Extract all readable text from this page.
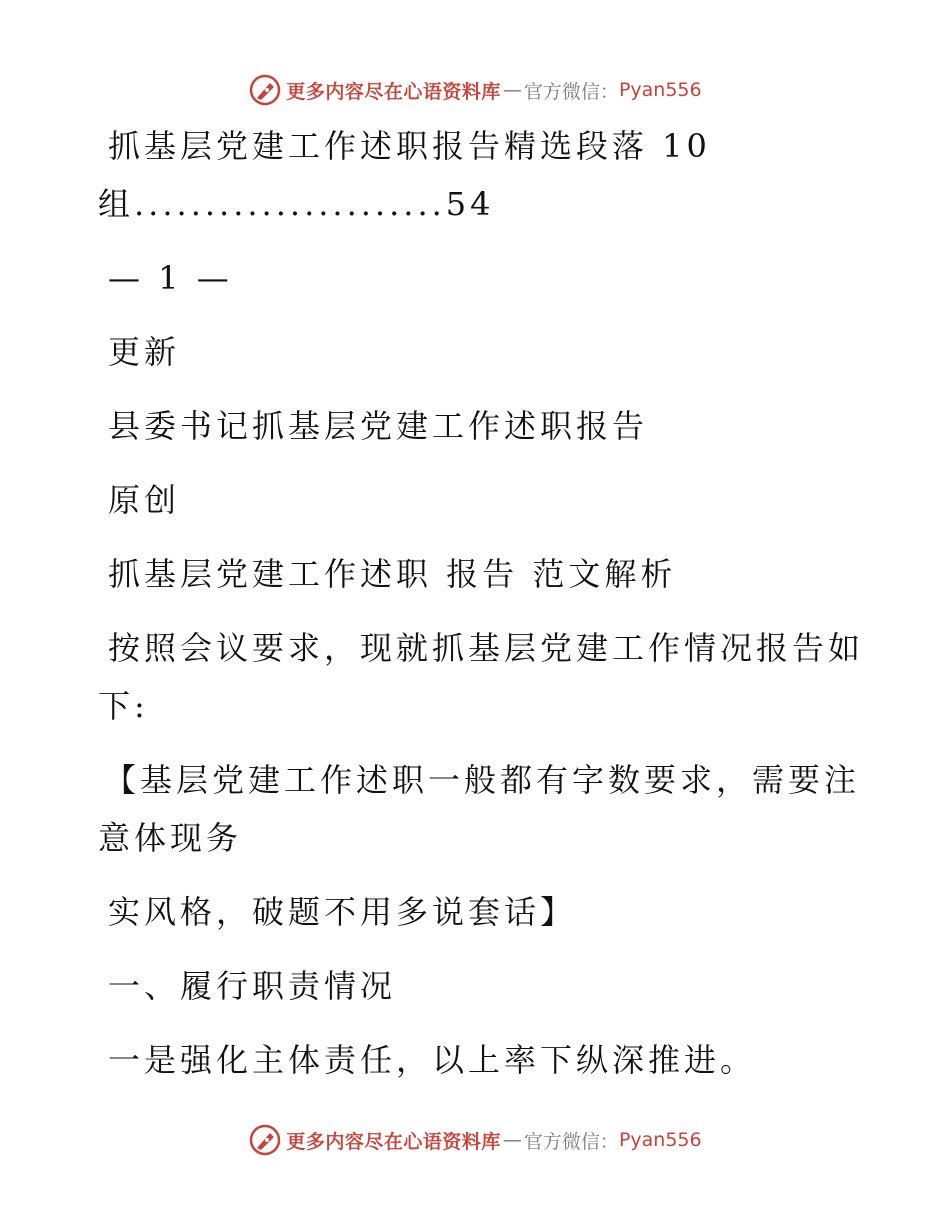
更多内容尽在心语资料库 — 官方微信： Pyan556
抓基层党建工作述职报告精选段落 10
组......................54
— 1 —
更新
县委书记抓基层党建工作述职报告
原创
抓基层党建工作述职 报告 范文解析
按照会议要求，现就抓基层党建工作情况报告如
下:
【基层党建工作述职一般都有字数要求，需要注
意体现务
实风格，破题不用多说套话】
一、履行职责情况
一是强化主体责任，以上率下纵深推进。
更多内容尽在心语资料库 — 官方微信： Pyan556
